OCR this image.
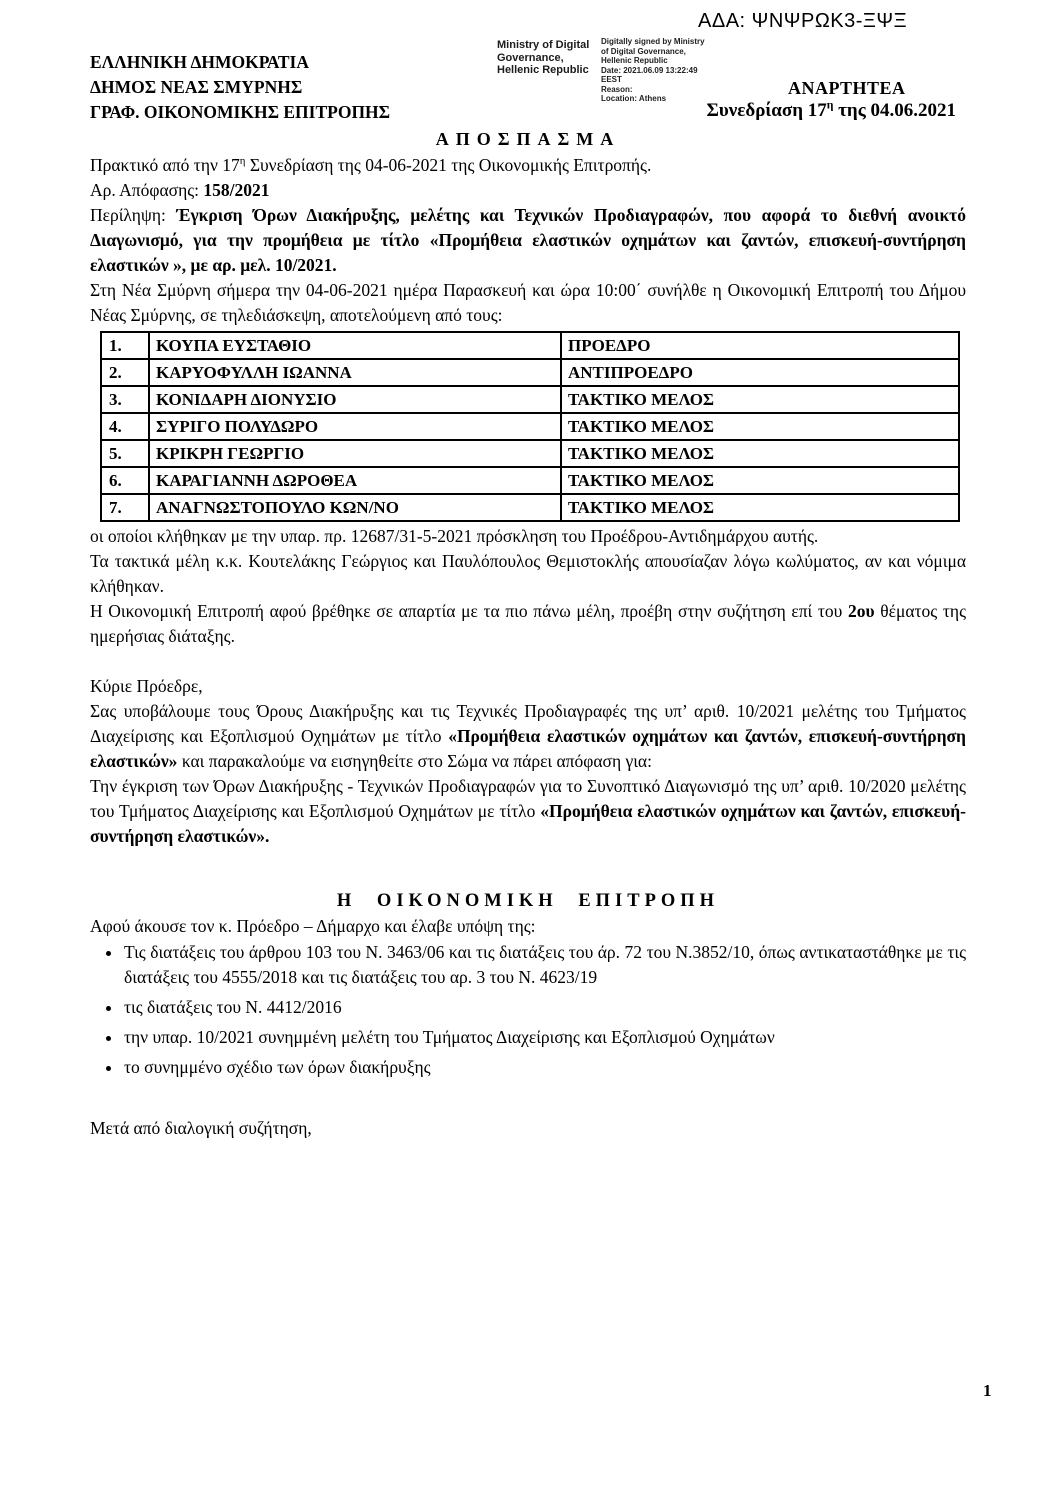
ΑΔΑ: ΨΝΨΡΩΚ3-ΞΨΞ
ΕΛΛΗΝΙΚΗ ΔΗΜΟΚΡΑΤΙΑ
ΔΗΜΟΣ ΝΕΑΣ ΣΜΥΡΝΗΣ
ΓΡΑΦ. ΟΙΚΟΝΟΜΙΚΗΣ ΕΠΙΤΡΟΠΗΣ
Ministry of Digital
Governance,
Hellenic Republic
Digitally signed by Ministry
of Digital Governance,
Hellenic Republic
Date: 2021.06.09 13:22:49
EEST
Reason:
Location: Athens
ΑΝΑΡΤΗΤΕΑ
Συνεδρίαση $17^\eta$ της 04.06.2021
ΑΠΟΣΠΑΣΜΑ

Πρακτικό από την $17^\eta$ Συνεδρίαση της 04-06-2021 της Οικονομικής Επιτροπής.

Αρ. Απόφασης: 158/2021

Περίληψη: Έγκριση Όρων Διακήρυξης, μελέτης και Τεχνικών Προδιαγραφών, που αφορά το διεθνή ανοικτό Διαγωνισμό, για την προμήθεια με τίτλο «Προμήθεια ελαστικών οχημάτων και ζαντών, επισκευή-συντήρηση ελαστικών », με αρ. μελ. 10/2021.

Στη Νέα Σμύρνη σήμερα την 04-06-2021 ημέρα Παρασκευή και ώρα 10:00΄ συνήλθε η Οικονομική Επιτροπή του Δήμου Νέας Σμύρνης, σε τηλεδιάσκεψη, αποτελούμενη από τους:

1.	ΚΟΥΠΑ ΕΥΣΤΑΘΙΟ	ΠΡΟΕΔΡΟ
2.	ΚΑΡΥΟΦΥΛΛΗ ΙΩΑΝΝΑ	ΑΝΤΙΠΡΟΕΔΡΟ
3.	ΚΟΝΙΔΑΡΗ ΔΙΟΝΥΣΙΟ	ΤΑΚΤΙΚΟ ΜΕΛΟΣ
4.	ΣΥΡΙΓΟ ΠΟΛΥΔΩΡΟ	ΤΑΚΤΙΚΟ ΜΕΛΟΣ
5.	ΚΡΙΚΡΗ ΓΕΩΡΓΙΟ	ΤΑΚΤΙΚΟ ΜΕΛΟΣ
6.	ΚΑΡΑΓΙΑΝΝΗ ΔΩΡΟΘΕΑ	ΤΑΚΤΙΚΟ ΜΕΛΟΣ
7.	ΑΝΑΓΝΩΣΤΟΠΟΥΛΟ ΚΩΝ/ΝΟ	ΤΑΚΤΙΚΟ ΜΕΛΟΣ

οι οποίοι κλήθηκαν με την υπαρ. πρ. 12687/31-5-2021 πρόσκληση του Προέδρου-Αντιδημάρχου αυτής.

Τα τακτικά μέλη κ.κ. Κουτελάκης Γεώργιος και Παυλόπουλος Θεμιστοκλής απουσίαζαν λόγω κωλύματος, αν και νόμιμα κλήθηκαν.

Η Οικονομική Επιτροπή αφού βρέθηκε σε απαρτία με τα πιο πάνω μέλη, προέβη στην συζήτηση επί του 2ου θέματος της ημερήσιας διάταξης.

Κύριε Πρόεδρε,

Σας υποβάλουμε τους Όρους Διακήρυξης και τις Τεχνικές Προδιαγραφές της υπ’ αριθ. 10/2021 μελέτης του Τμήματος Διαχείρισης και Εξοπλισμού Οχημάτων με τίτλο «Προμήθεια ελαστικών οχημάτων και ζαντών, επισκευή-συντήρηση ελαστικών» και παρακαλούμε να εισηγηθείτε στο Σώμα να πάρει απόφαση για:

Την έγκριση των Όρων Διακήρυξης - Τεχνικών Προδιαγραφών για το Συνοπτικό Διαγωνισμό της υπ’ αριθ. 10/2020 μελέτης του Τμήματος Διαχείρισης και Εξοπλισμού Οχημάτων με τίτλο «Προμήθεια ελαστικών οχημάτων και ζαντών, επισκευή-συντήρηση ελαστικών».

Η ΟΙΚΟΝΟΜΙΚΗ ΕΠΙΤΡΟΠΗ

Αφού άκουσε τον κ. Πρόεδρο – Δήμαρχο και έλαβε υπόψη της:

• Τις διατάξεις του άρθρου 103 του Ν. 3463/06 και τις διατάξεις του άρ. 72 του Ν.3852/10, όπως αντικαταστάθηκε με τις διατάξεις του 4555/2018 και τις διατάξεις του αρ. 3 του Ν. 4623/19
• τις διατάξεις του Ν. 4412/2016
• την υπαρ. 10/2021 συνημμένη μελέτη του Τμήματος Διαχείρισης και Εξοπλισμού Οχημάτων
• το συνημμένο σχέδιο των όρων διακήρυξης

Μετά από διαλογική συζήτηση,

1
